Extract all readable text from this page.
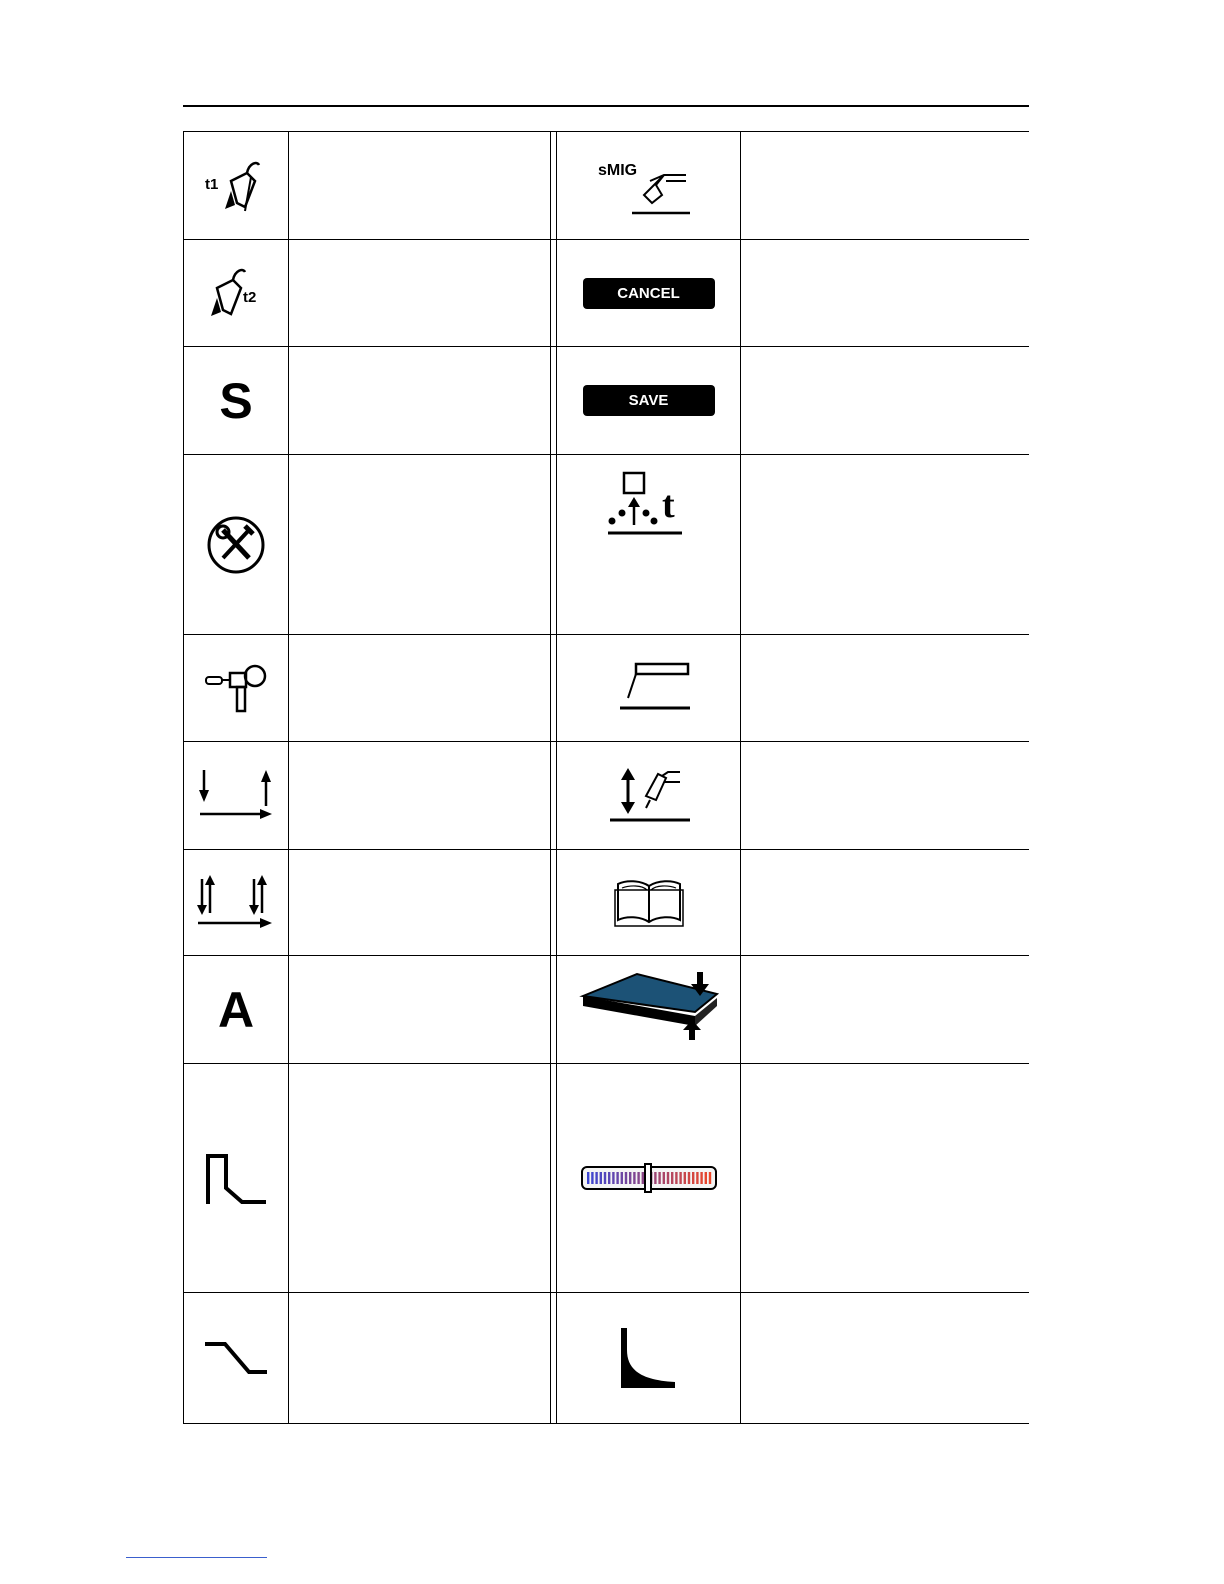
t1
sMIG
t2	CANCEL
S	SAVE
t
A
